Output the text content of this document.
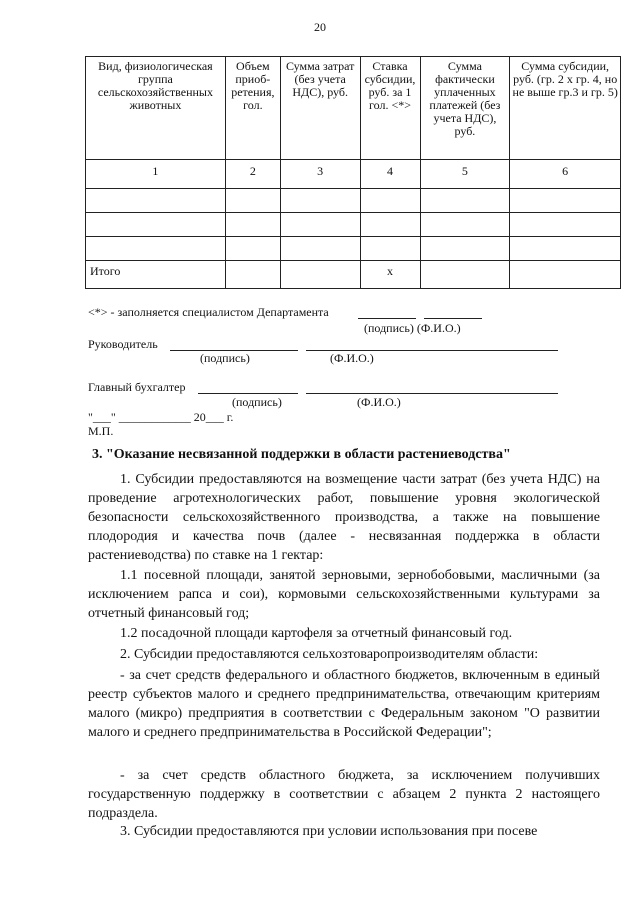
20
Вид, физиологическая группа сельскохозяйственных животных	Объем приоб- ретения, гол.	Сумма затрат (без учета НДС), руб.	Ставка субсидии, руб. за 1 гол. <*>	Сумма фактически уплаченных платежей (без учета НДС), руб.	Сумма субсидии, руб. (гр. 2 х гр. 4, но не выше гр.3 и гр. 5)
1	2	3	4	5	6

Итого			х		
<*> - заполняется специалистом Департамента
(подпись) (Ф.И.О.)
Руководитель
(подпись)	(Ф.И.О.)
Главный бухгалтер
(подпись)	(Ф.И.О.)
"___" ____________ 20___ г.
М.П.
3. "Оказание несвязанной поддержки в области растениеводства"
1. Субсидии предоставляются на возмещение части затрат (без учета НДС) на проведение агротехнологических работ, повышение уровня экологической безопасности сельскохозяйственного производства, а также на повышение плодородия и качества почв (далее - несвязанная поддержка в области растениеводства) по ставке на 1 гектар:
1.1 посевной площади, занятой зерновыми, зернобобовыми, масличными (за исключением рапса и сои), кормовыми сельскохозяйственными культурами за отчетный финансовый год;
1.2 посадочной площади картофеля за отчетный финансовый год.
2. Субсидии предоставляются сельхозтоваропроизводителям области:
- за счет средств федерального и областного бюджетов, включенным в единый реестр субъектов малого и среднего предпринимательства, отвечающим критериям малого (микро) предприятия в соответствии с Федеральным законом "О развитии малого и среднего предпринимательства в Российской Федерации";
- за счет средств областного бюджета, за исключением получивших государственную поддержку в соответствии с абзацем 2 пункта 2 настоящего подраздела.
3. Субсидии предоставляются при условии использования при посеве
